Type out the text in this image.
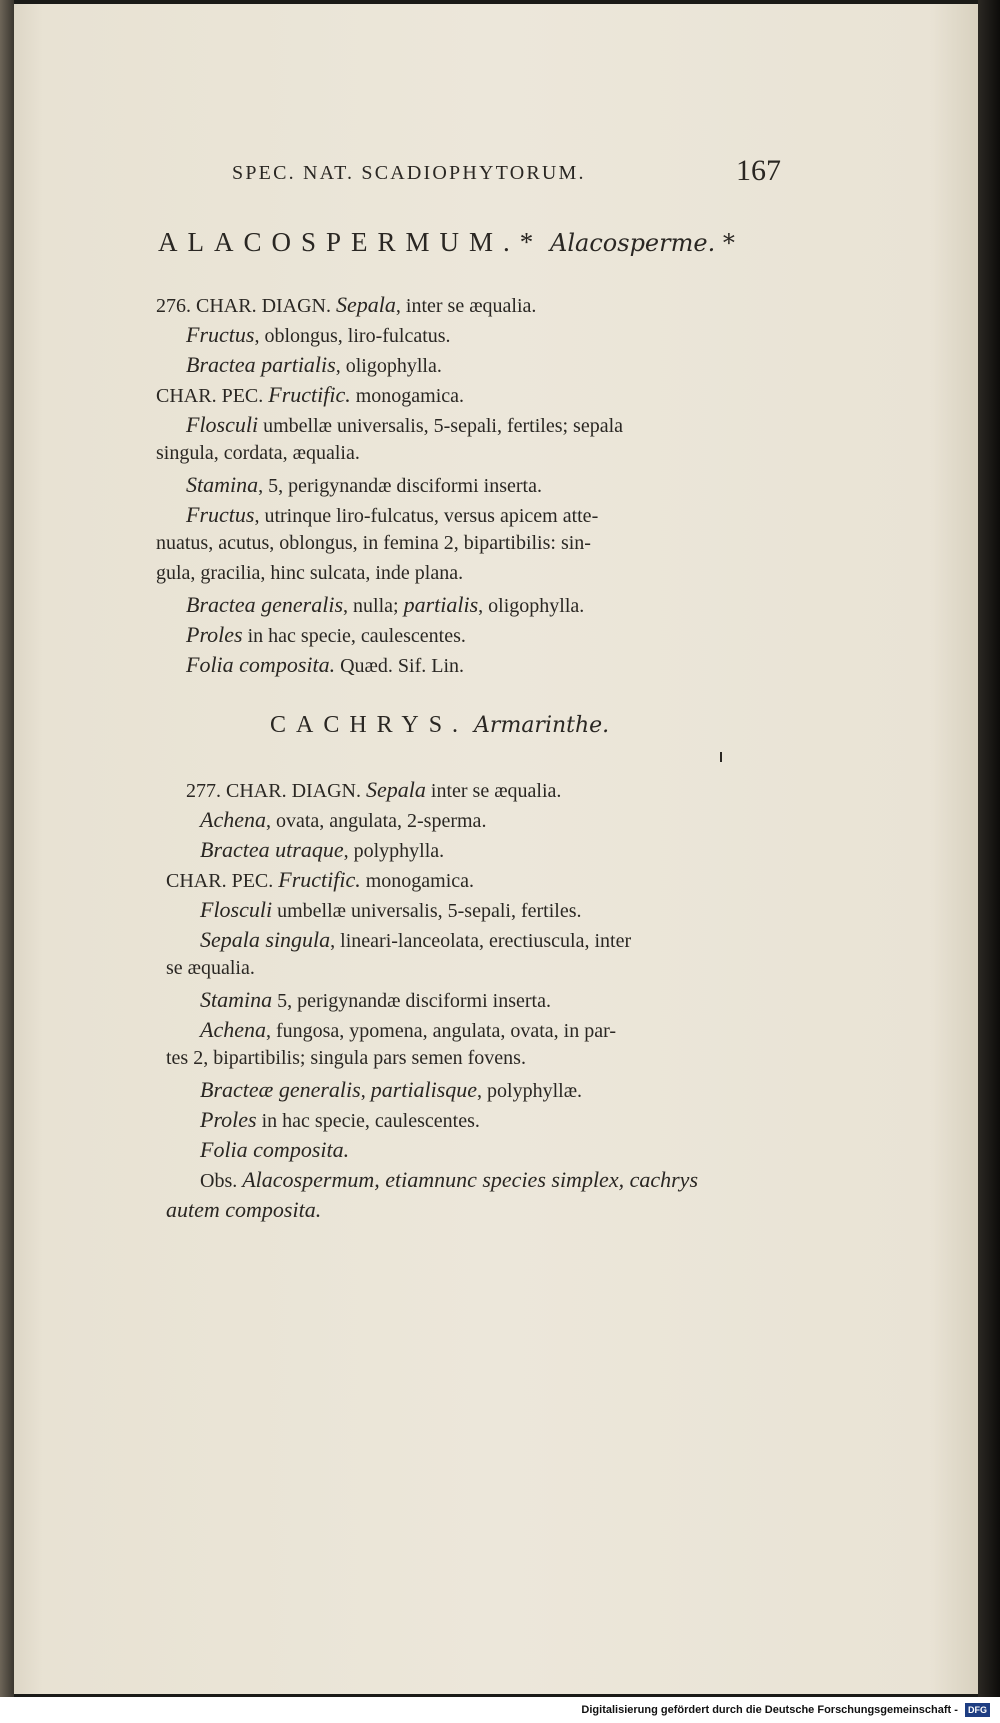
SPEC. NAT. SCADIOPHYTORUM.	167
ALACOSPERMUM.* Alacosperme. *
276. CHAR. DIAGN. Sepala, inter se æqualia.
Fructus, oblongus, liro-fulcatus.
Bractea partialis, oligophylla.
CHAR. PEC. Fructific. monogamica.
Flosculi umbellæ universalis, 5-sepali, fertiles; sepala
singula, cordata, æqualia.
Stamina, 5, perigynandæ disciformi inserta.
Fructus, utrinque liro-fulcatus, versus apicem atte-
nuatus, acutus, oblongus, in femina 2, bipartibilis: sin-
gula, gracilia, hinc sulcata, inde plana.
Bractea generalis, nulla; partialis, oligophylla.
Proles in hac specie, caulescentes.
Folia composita. Quæd. Sif. Lin.
CACHRYS. Armarinthe.
277. CHAR. DIAGN. Sepala inter se æqualia.
Achena, ovata, angulata, 2-sperma.
Bractea utraque, polyphylla.
CHAR. PEC. Fructific. monogamica.
Flosculi umbellæ universalis, 5-sepali, fertiles.
Sepala singula, lineari-lanceolata, erectiuscula, inter
se æqualia.
Stamina 5, perigynandæ disciformi inserta.
Achena, fungosa, ypomena, angulata, ovata, in par-
tes 2, bipartibilis; singula pars semen fovens.
Bracteæ generalis, partialisque, polyphyllæ.
Proles in hac specie, caulescentes.
Folia composita.
Obs. Alacospermum, etiamnunc species simplex, cachrys
autem composita.
Digitalisierung gefördert durch die Deutsche Forschungsgemeinschaft - DFG
